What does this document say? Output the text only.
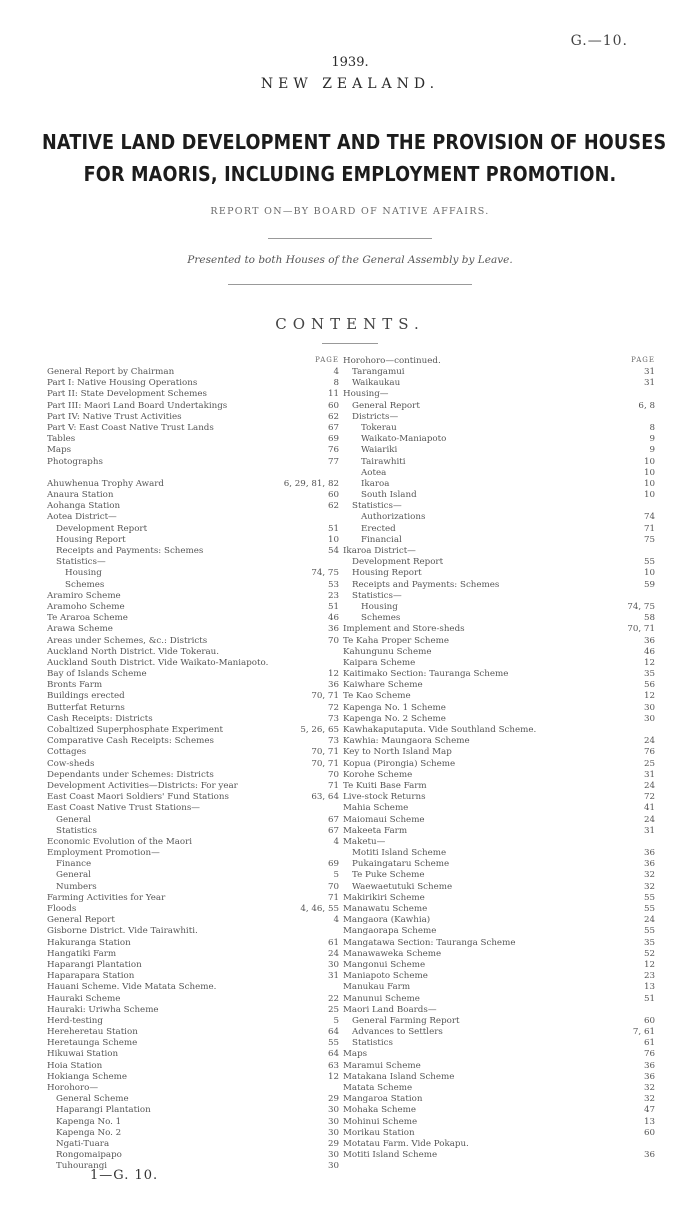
G.—10.
1939.
NEW ZEALAND.
NATIVE LAND DEVELOPMENT AND THE PROVISION OF HOUSES
FOR MAORIS, INCLUDING EMPLOYMENT PROMOTION.
REPORT ON—BY BOARD OF NATIVE AFFAIRS.
Presented to both Houses of the General Assembly by Leave.
CONTENTS.
PAGE
General Report by Chairman	4
Part I: Native Housing Operations	8
Part II: State Development Schemes	11
Part III: Maori Land Board Undertakings	60
Part IV: Native Trust Activities	62
Part V: East Coast Native Trust Lands	67
Tables	69
Maps	76
Photographs	77
Ahuwhenua Trophy Award	6, 29, 81, 82
Anaura Station	60
Aohanga Station	62
Aotea District—
Development Report	51
Housing Report	10
Receipts and Payments: Schemes	54
Statistics—
Housing	74, 75
Schemes	53
Aramiro Scheme	23
Aramoho Scheme	51
Te Araroa Scheme	46
Arawa Scheme	36
Areas under Schemes, &c.: Districts	70
Auckland North District. Vide Tokerau.
Auckland South District. Vide Waikato-Maniapoto.
Bay of Islands Scheme	12
Bronts Farm	36
Buildings erected	70, 71
Butterfat Returns	72
Cash Receipts: Districts	73
Cobaltized Superphosphate Experiment	5, 26, 65
Comparative Cash Receipts: Schemes	73
Cottages	70, 71
Cow-sheds	70, 71
Dependants under Schemes: Districts	70
Development Activities—Districts: For year	71
East Coast Maori Soldiers' Fund Stations	63, 64
East Coast Native Trust Stations—
General	67
Statistics	67
Economic Evolution of the Maori	4
Employment Promotion—
Finance	69
General	5
Numbers	70
Farming Activities for Year	71
Floods	4, 46, 55
General Report	4
Gisborne District. Vide Tairawhiti.
Hakuranga Station	61
Hangatiki Farm	24
Haparangi Plantation	30
Haparapara Station	31
Hauani Scheme. Vide Matata Scheme.
Hauraki Scheme	22
Hauraki: Uriwha Scheme	25
Herd-testing	5
Hereheretau Station	64
Heretaunga Scheme	55
Hikuwai Station	64
Hoia Station	63
Hokianga Scheme	12
Horohoro—
General Scheme	29
Haparangi Plantation	30
Kapenga No. 1	30
Kapenga No. 2	30
Ngati-Tuara	29
Rongomaipapo	30
Tuhourangi	30
Horohoro—continued.	PAGE
Tarangamui	31
Waikaukau	31
Housing—
General Report	6, 8
Districts—
Tokerau	8
Waikato-Maniapoto	9
Waiariki	9
Tairawhiti	10
Aotea	10
Ikaroa	10
South Island	10
Statistics—
Authorizations	74
Erected	71
Financial	75
Ikaroa District—
Development Report	55
Housing Report	10
Receipts and Payments: Schemes	59
Statistics—
Housing	74, 75
Schemes	58
Implement and Store-sheds	70, 71
Te Kaha Proper Scheme	36
Kahungunu Scheme	46
Kaipara Scheme	12
Kaitimako Section: Tauranga Scheme	35
Kaiwhare Scheme	56
Te Kao Scheme	12
Kapenga No. 1 Scheme	30
Kapenga No. 2 Scheme	30
Kawhakaputaputa. Vide Southland Scheme.
Kawhia: Maungaora Scheme	24
Key to North Island Map	76
Kopua (Pirongia) Scheme	25
Korohe Scheme	31
Te Kuiti Base Farm	24
Live-stock Returns	72
Mahia Scheme	41
Maiomaui Scheme	24
Makeeta Farm	31
Maketu—
Motiti Island Scheme	36
Pukaingataru Scheme	36
Te Puke Scheme	32
Waewaetutuki Scheme	32
Makirikiri Scheme	55
Manawatu Scheme	55
Mangaora (Kawhia)	24
Mangaorapa Scheme	55
Mangatawa Section: Tauranga Scheme	35
Manawaweka Scheme	52
Mangonui Scheme	12
Maniapoto Scheme	23
Manukau Farm	13
Manunui Scheme	51
Maori Land Boards—
General Farming Report	60
Advances to Settlers	7, 61
Statistics	61
Maps	76
Maramui Scheme	36
Matakana Island Scheme	36
Matata Scheme	32
Mangaroa Station	32
Mohaka Scheme	47
Mohinui Scheme	13
Morikau Station	60
Motatau Farm. Vide Pokapu.
Motiti Island Scheme	36
1—G. 10.
